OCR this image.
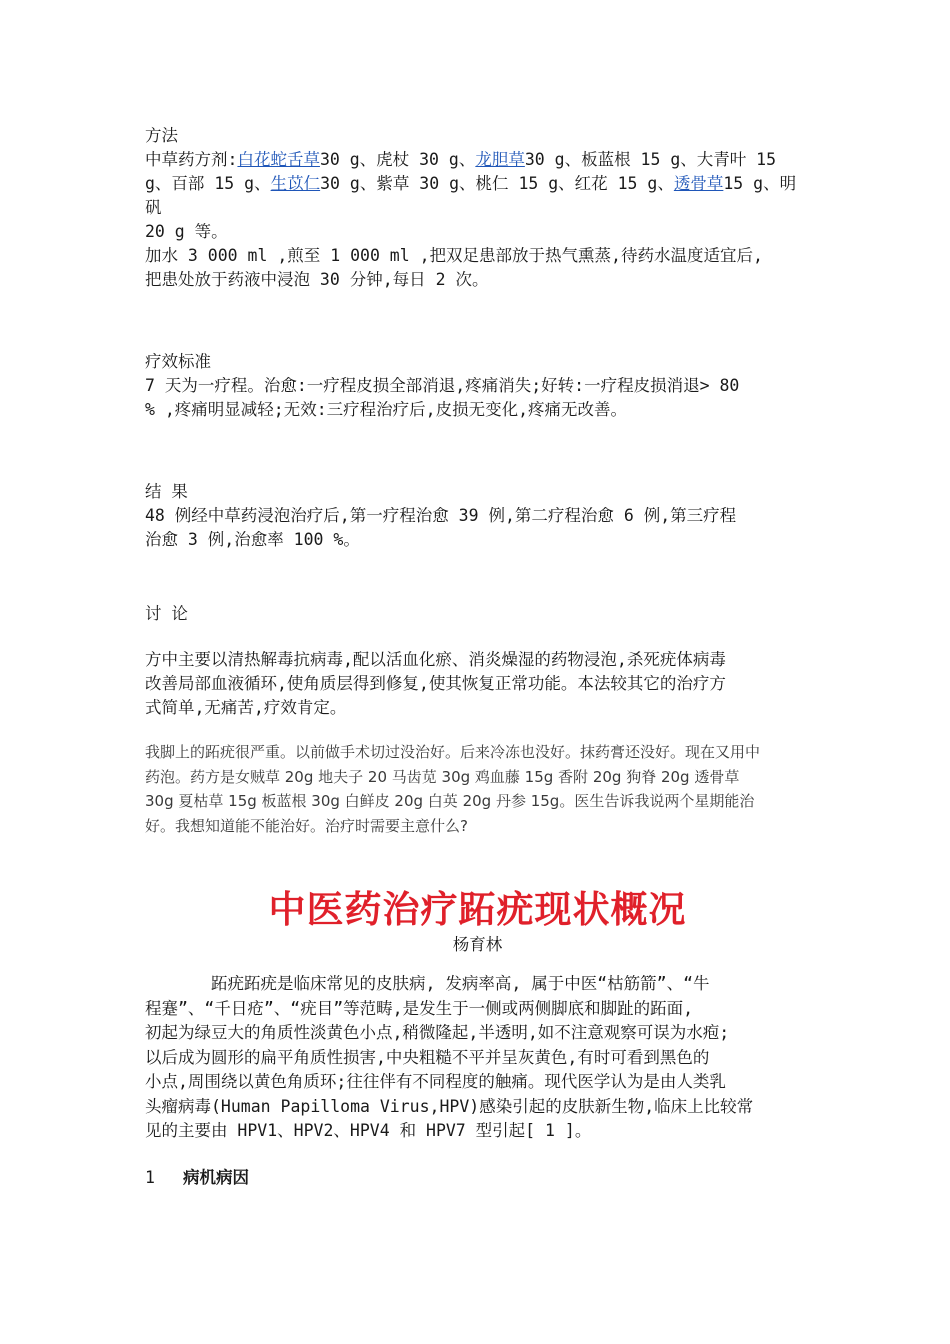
方法

中草药方剂:白花蛇舌草30 g、虎杖 30 g、龙胆草30 g、板蓝根 15 g、大青叶 15

g、百部 15 g、生苡仁30 g、紫草 30 g、桃仁 15 g、红花 15 g、透骨草15 g、明矾

20 g 等。

加水 3 000 ml ,煎至 1 000 ml ,把双足患部放于热气熏蒸,待药水温度适宜后,

把患处放于药液中浸泡 30 分钟,每日 2 次。

疗效标准

7 天为一疗程。治愈:一疗程皮损全部消退,疼痛消失;好转:一疗程皮损消退> 80

% ,疼痛明显减轻;无效:三疗程治疗后,皮损无变化,疼痛无改善。

结 果

48 例经中草药浸泡治疗后,第一疗程治愈 39 例,第二疗程治愈 6 例,第三疗程

治愈 3 例,治愈率 100 %。

讨 论

方中主要以清热解毒抗病毒,配以活血化瘀、消炎燥湿的药物浸泡,杀死疣体病毒

改善局部血液循环,使角质层得到修复,使其恢复正常功能。本法较其它的治疗方

式简单,无痛苦,疗效肯定。

我脚上的跖疣很严重。以前做手术切过没治好。后来冷冻也没好。抹药膏还没好。现在又用中

药泡。药方是女贼草 20g 地夫子 20 马齿苋 30g 鸡血藤 15g 香附 20g 狗脊 20g 透骨草

30g 夏枯草 15g 板蓝根 30g 白鲜皮 20g 白英 20g 丹参 15g。医生告诉我说两个星期能治

好。我想知道能不能治好。治疗时需要主意什么?

中医药治疗跖疣现状概况

杨育林

跖疣跖疣是临床常见的皮肤病, 发病率高, 属于中医“枯筋箭”、“牛

程蹇”、“千日疮”、“疣目”等范畴,是发生于一侧或两侧脚底和脚趾的跖面,

初起为绿豆大的角质性淡黄色小点,稍微隆起,半透明,如不注意观察可误为水疱;

以后成为圆形的扁平角质性损害,中央粗糙不平并呈灰黄色,有时可看到黑色的

小点,周围绕以黄色角质环;往往伴有不同程度的触痛。现代医学认为是由人类乳

头瘤病毒(Human Papilloma Virus,HPV)感染引起的皮肤新生物,临床上比较常

见的主要由 HPV1、HPV2、HPV4 和 HPV7 型引起[ 1 ]。

1 病机病因
